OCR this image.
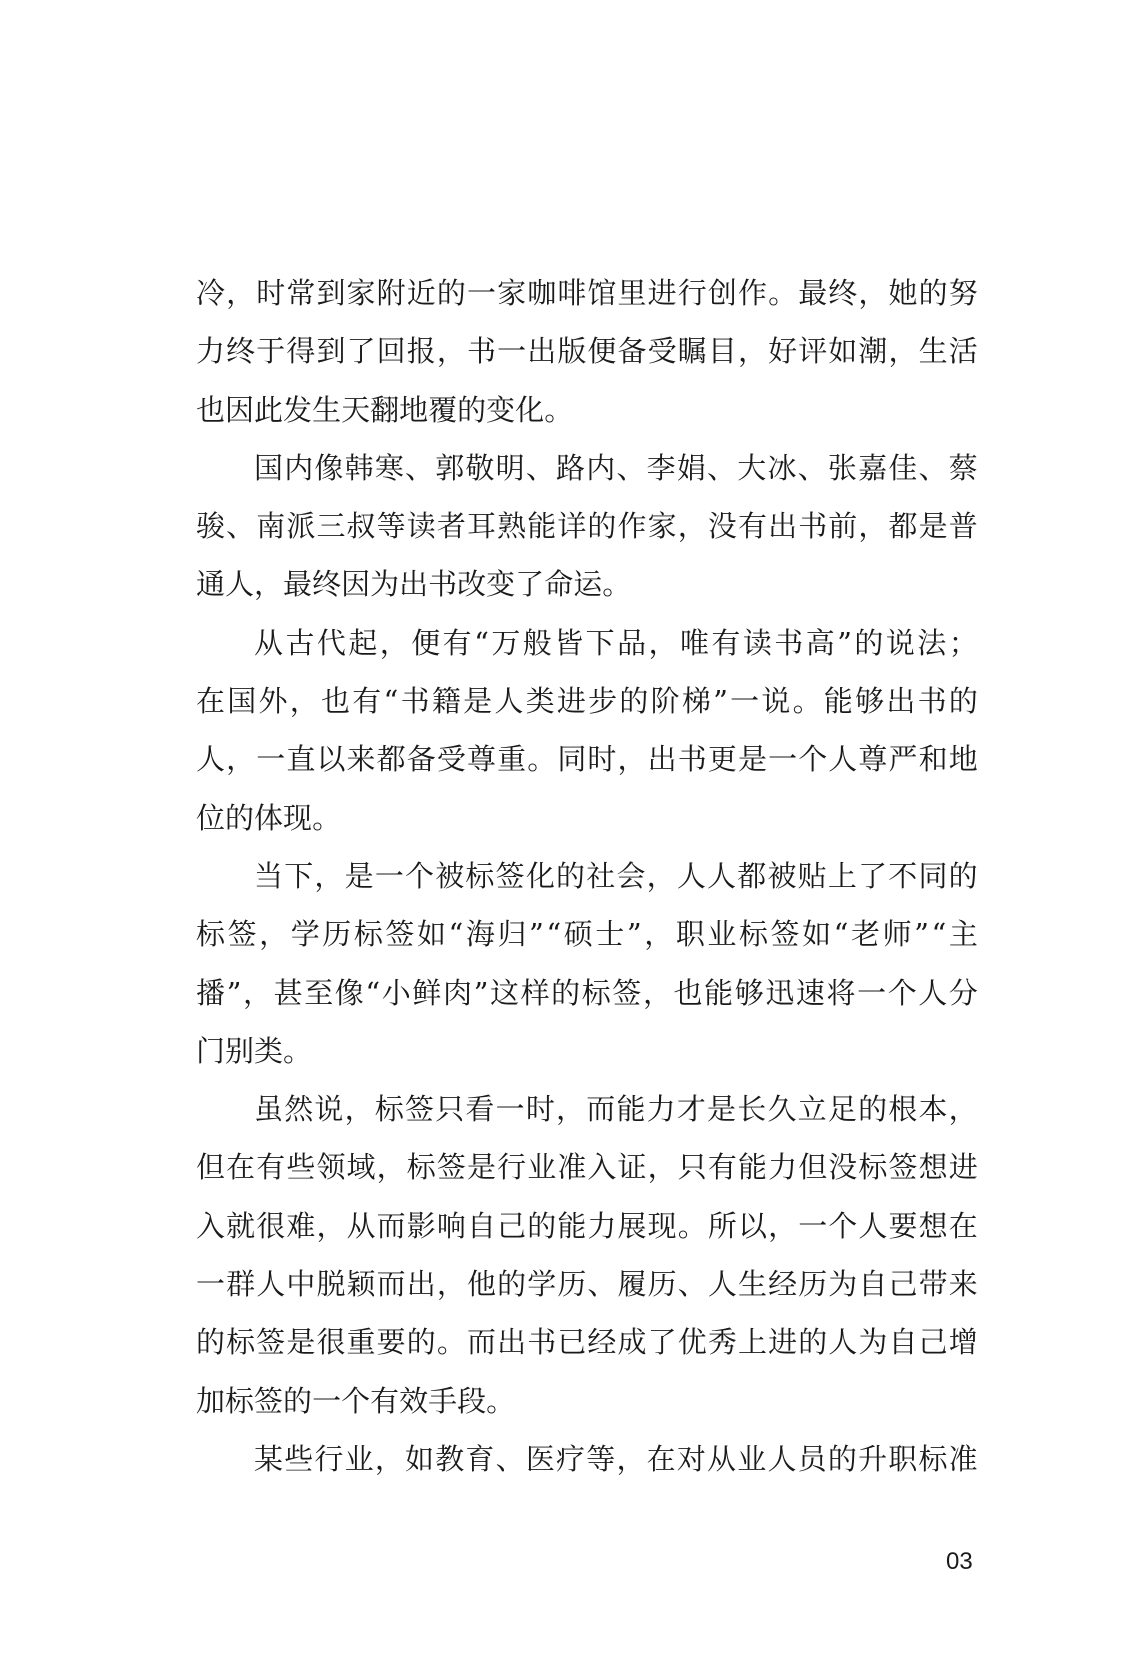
冷 ， 时 常 到 家 附 近 的 一 家 咖 啡 馆 里 进 行 创 作 。 最 终 ， 她 的 努
力 终 于 得 到 了 回 报 ， 书 一 出 版 便 备 受 瞩 目 ， 好 评 如 潮 ， 生 活
也 因 此 发 生 天 翻 地 覆 的 变 化 。
国 内 像 韩 寒 、 郭 敬 明 、 路 内 、 李 娟 、 大 冰 、 张 嘉 佳 、 蔡
骏 、 南 派 三 叔 等 读 者 耳 熟 能 详 的 作 家 ， 没 有 出 书 前 ， 都 是 普
通 人 ， 最 终 因 为 出 书 改 变 了 命 运 。
从 古 代 起 ， 便 有 “ 万 般 皆 下 品 ， 唯 有 读 书 高 ” 的 说 法 ；
在 国 外 ， 也 有 “ 书 籍 是 人 类 进 步 的 阶 梯 ” 一 说 。 能 够 出 书 的
人 ， 一 直 以 来 都 备 受 尊 重 。 同 时 ， 出 书 更 是 一 个 人 尊 严 和 地
位 的 体 现 。
当 下 ， 是 一 个 被 标 签 化 的 社 会 ， 人 人 都 被 贴 上 了 不 同 的
标 签 ， 学 历 标 签 如 “ 海 归 ” “ 硕 士 ” ， 职 业 标 签 如 “ 老 师 ” “ 主
播 ” ， 甚 至 像 “ 小 鲜 肉 ” 这 样 的 标 签 ， 也 能 够 迅 速 将 一 个 人 分
门 别 类 。
虽 然 说 ， 标 签 只 看 一 时 ， 而 能 力 才 是 长 久 立 足 的 根 本 ，
但 在 有 些 领 域 ， 标 签 是 行 业 准 入 证 ， 只 有 能 力 但 没 标 签 想 进
入 就 很 难 ， 从 而 影 响 自 己 的 能 力 展 现 。 所 以 ， 一 个 人 要 想 在
一 群 人 中 脱 颖 而 出 ， 他 的 学 历 、 履 历 、 人 生 经 历 为 自 己 带 来
的 标 签 是 很 重 要 的 。 而 出 书 已 经 成 了 优 秀 上 进 的 人 为 自 己 增
加 标 签 的 一 个 有 效 手 段 。
某 些 行 业 ， 如 教 育 、 医 疗 等 ， 在 对 从 业 人 员 的 升 职 标 准
03
